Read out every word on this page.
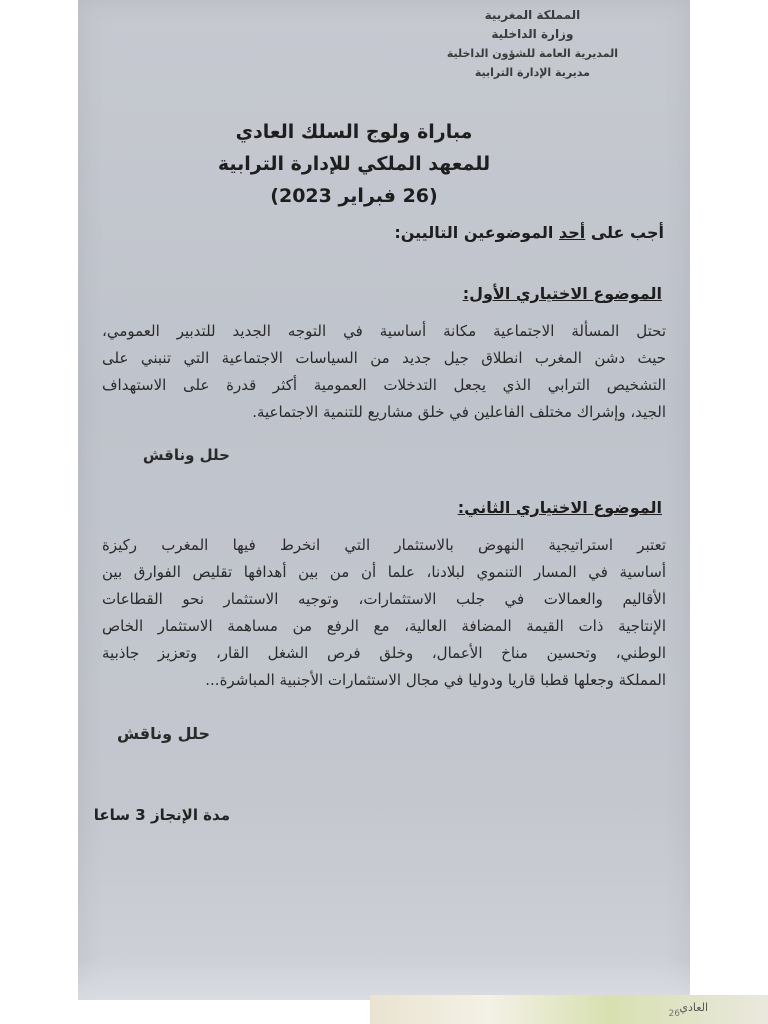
المملكة المغربية
وزارة الداخلية
المديرية العامة للشؤون الداخلية
مديرية الإدارة الترابية
مباراة ولوج السلك العادي
للمعهد الملكي للإدارة الترابية
(26 فبراير 2023)
أجب على أحد الموضوعين التاليين:
الموضوع الاختياري الأول:
تحتل المسألة الاجتماعية مكانة أساسية في التوجه الجديد للتدبير العمومي،
حيث دشن المغرب انطلاق جيل جديد من السياسات الاجتماعية التي تنبني على
التشخيص الترابي الذي يجعل التدخلات العمومية أكثر قدرة على الاستهداف
الجيد، وإشراك مختلف الفاعلين في خلق مشاريع للتنمية الاجتماعية.
حلل وناقش
الموضوع الاختياري الثاني:
تعتبر استراتيجية النهوض بالاستثمار التي انخرط فيها المغرب ركيزة
أساسية في المسار التنموي لبلادنا، علما أن من بين أهدافها تقليص الفوارق بين
الأقاليم والعمالات في جلب الاستثمارات، وتوجيه الاستثمار نحو القطاعات
الإنتاجية ذات القيمة المضافة العالية، مع الرفع من مساهمة الاستثمار الخاص
الوطني، وتحسين مناخ الأعمال، وخلق فرص الشغل القار، وتعزيز جاذبية
المملكة وجعلها قطبا قاريا ودوليا في مجال الاستثمارات الأجنبية المباشرة...
حلل وناقش
مدة الإنجاز 3 ساعا
العادي
26
